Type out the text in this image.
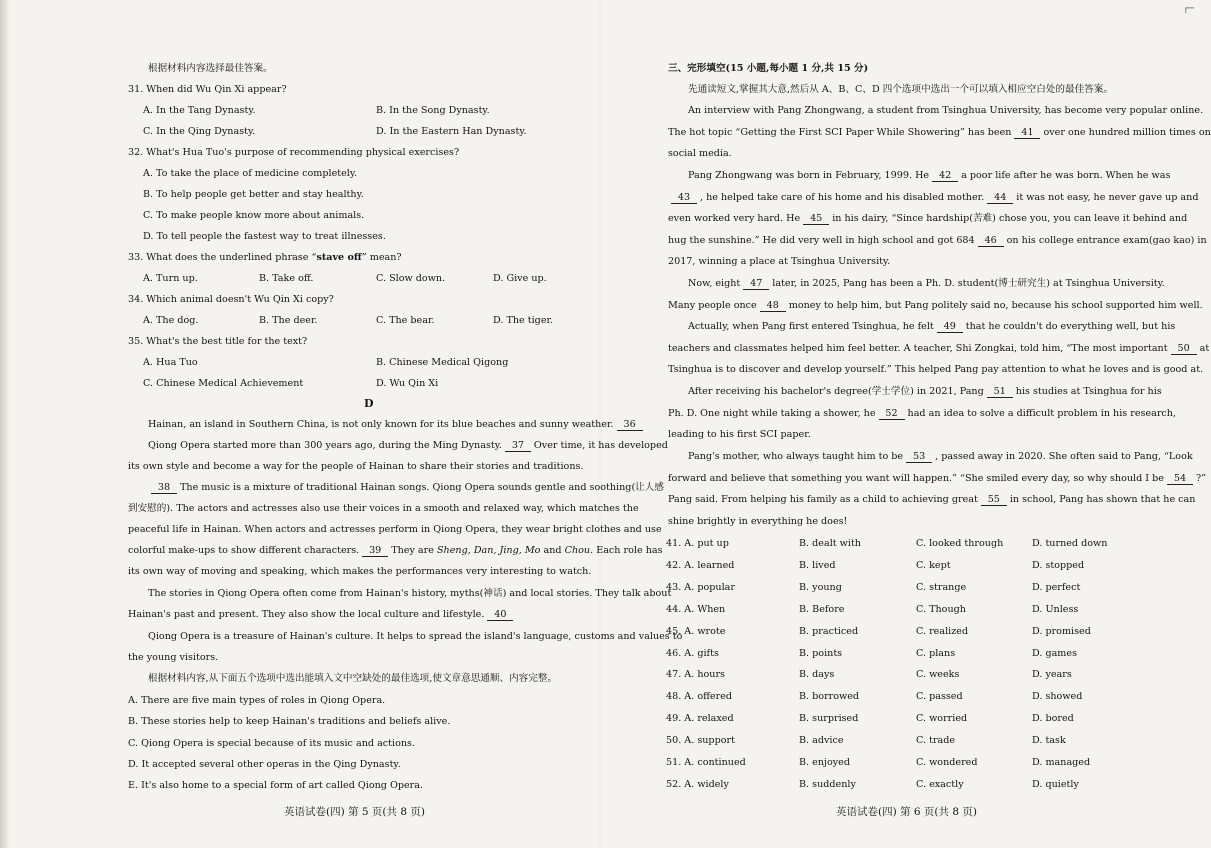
根据材料内容选择最佳答案。
31. When did Wu Qin Xi appear?
A. In the Tang Dynasty.	B. In the Song Dynasty.
C. In the Qing Dynasty.	D. In the Eastern Han Dynasty.
32. What's Hua Tuo's purpose of recommending physical exercises?
A. To take the place of medicine completely.
B. To help people get better and stay healthy.
C. To make people know more about animals.
D. To tell people the fastest way to treat illnesses.
33. What does the underlined phrase “stave off” mean?
A. Turn up.	B. Take off.	C. Slow down.	D. Give up.
34. Which animal doesn't Wu Qin Xi copy?
A. The dog.	B. The deer.	C. The bear.	D. The tiger.
35. What's the best title for the text?
A. Hua Tuo	B. Chinese Medical Qigong
C. Chinese Medical Achievement	D. Wu Qin Xi
D
Hainan, an island in Southern China, is not only known for its blue beaches and sunny weather. 36
Qiong Opera started more than 300 years ago, during the Ming Dynasty. 37 Over time, it has developed
its own style and become a way for the people of Hainan to share their stories and traditions.
38 The music is a mixture of traditional Hainan songs. Qiong Opera sounds gentle and soothing(让人感
到安慰的). The actors and actresses also use their voices in a smooth and relaxed way, which matches the
peaceful life in Hainan. When actors and actresses perform in Qiong Opera, they wear bright clothes and use
colorful make-ups to show different characters. 39 They are Sheng, Dan, Jing, Mo and Chou. Each role has
its own way of moving and speaking, which makes the performances very interesting to watch.
The stories in Qiong Opera often come from Hainan's history, myths(神话) and local stories. They talk about
Hainan's past and present. They also show the local culture and lifestyle. 40
Qiong Opera is a treasure of Hainan's culture. It helps to spread the island's language, customs and values to
the young visitors.
根据材料内容,从下面五个选项中选出能填入文中空缺处的最佳选项,使文章意思通顺、内容完整。
A. There are five main types of roles in Qiong Opera.
B. These stories help to keep Hainan's traditions and beliefs alive.
C. Qiong Opera is special because of its music and actions.
D. It accepted several other operas in the Qing Dynasty.
E. It's also home to a special form of art called Qiong Opera.
英语试卷(四) 第 5 页(共 8 页)
三、完形填空(15 小题,每小题 1 分,共 15 分)
先通读短文,掌握其大意,然后从 A、B、C、D 四个选项中选出一个可以填入相应空白处的最佳答案。
An interview with Pang Zhongwang, a student from Tsinghua University, has become very popular online.
The hot topic “Getting the First SCI Paper While Showering” has been 41 over one hundred million times on
social media.
Pang Zhongwang was born in February, 1999. He 42 a poor life after he was born. When he was
43 , he helped take care of his home and his disabled mother. 44 it was not easy, he never gave up and
even worked very hard. He 45 in his dairy, “Since hardship(苦难) chose you, you can leave it behind and
hug the sunshine.” He did very well in high school and got 684 46 on his college entrance exam(gao kao) in
2017, winning a place at Tsinghua University.
Now, eight 47 later, in 2025, Pang has been a Ph. D. student(博士研究生) at Tsinghua University.
Many people once 48 money to help him, but Pang politely said no, because his school supported him well.
Actually, when Pang first entered Tsinghua, he felt 49 that he couldn't do everything well, but his
teachers and classmates helped him feel better. A teacher, Shi Zongkai, told him, “The most important 50 at
Tsinghua is to discover and develop yourself.” This helped Pang pay attention to what he loves and is good at.
After receiving his bachelor's degree(学士学位) in 2021, Pang 51 his studies at Tsinghua for his
Ph. D. One night while taking a shower, he 52 had an idea to solve a difficult problem in his research,
leading to his first SCI paper.
Pang's mother, who always taught him to be 53 , passed away in 2020. She often said to Pang, “Look
forward and believe that something you want will happen.” “She smiled every day, so why should I be 54 ?”
Pang said. From helping his family as a child to achieving great 55 in school, Pang has shown that he can
shine brightly in everything he does!
41. A. put up	B. dealt with	C. looked through	D. turned down
42. A. learned	B. lived	C. kept	D. stopped
43. A. popular	B. young	C. strange	D. perfect
44. A. When	B. Before	C. Though	D. Unless
45. A. wrote	B. practiced	C. realized	D. promised
46. A. gifts	B. points	C. plans	D. games
47. A. hours	B. days	C. weeks	D. years
48. A. offered	B. borrowed	C. passed	D. showed
49. A. relaxed	B. surprised	C. worried	D. bored
50. A. support	B. advice	C. trade	D. task
51. A. continued	B. enjoyed	C. wondered	D. managed
52. A. widely	B. suddenly	C. exactly	D. quietly
英语试卷(四) 第 6 页(共 8 页)
┌─
